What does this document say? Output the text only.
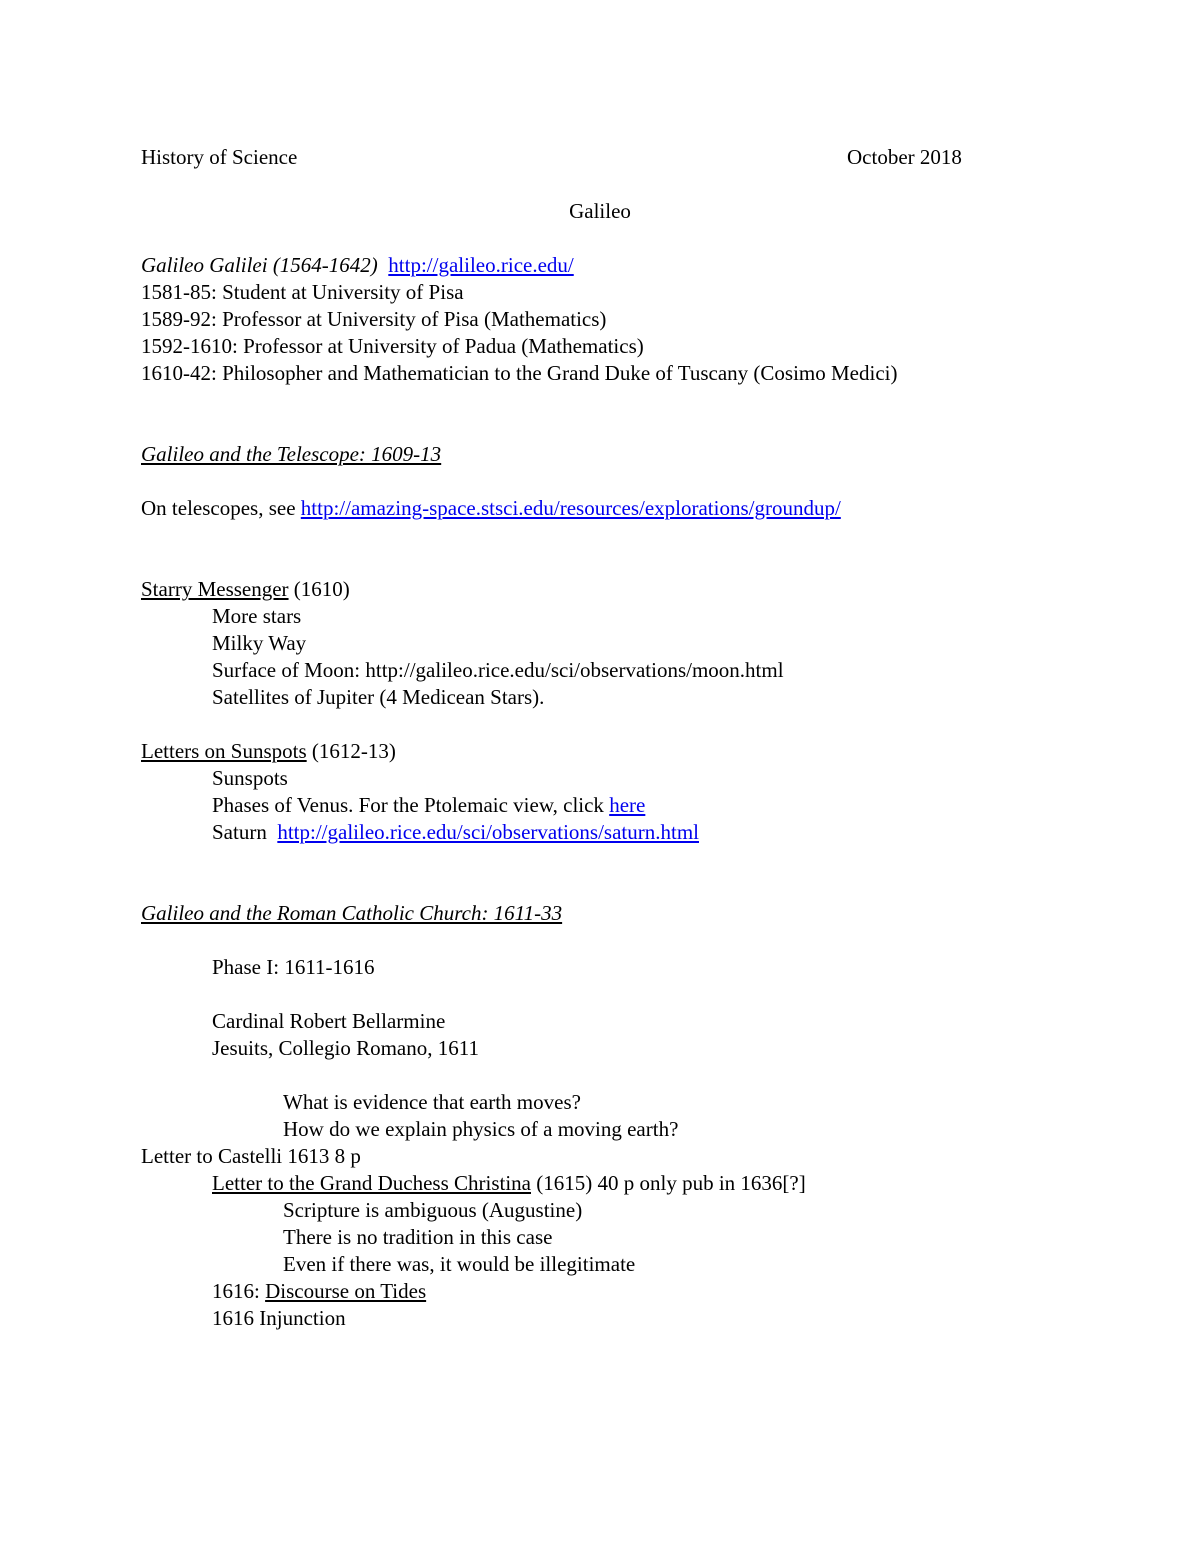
History of Science	October 2018
Galileo
Galileo Galilei (1564-1642) http://galileo.rice.edu/
1581-85: Student at University of Pisa
1589-92: Professor at University of Pisa (Mathematics)
1592-1610: Professor at University of Padua (Mathematics)
1610-42: Philosopher and Mathematician to the Grand Duke of Tuscany (Cosimo Medici)
Galileo and the Telescope: 1609-13
On telescopes, see http://amazing-space.stsci.edu/resources/explorations/groundup/
Starry Messenger (1610)
More stars
Milky Way
Surface of Moon: http://galileo.rice.edu/sci/observations/moon.html
Satellites of Jupiter (4 Medicean Stars).
Letters on Sunspots (1612-13)
Sunspots
Phases of Venus. For the Ptolemaic view, click here
Saturn  http://galileo.rice.edu/sci/observations/saturn.html
Galileo and the Roman Catholic Church: 1611-33
Phase I: 1611-1616
Cardinal Robert Bellarmine
Jesuits, Collegio Romano, 1611
What is evidence that earth moves?
How do we explain physics of a moving earth?
Letter to Castelli 1613 8 p
Letter to the Grand Duchess Christina (1615) 40 p only pub in 1636[?]
Scripture is ambiguous (Augustine)
There is no tradition in this case
Even if there was, it would be illegitimate
1616: Discourse on Tides
1616 Injunction
